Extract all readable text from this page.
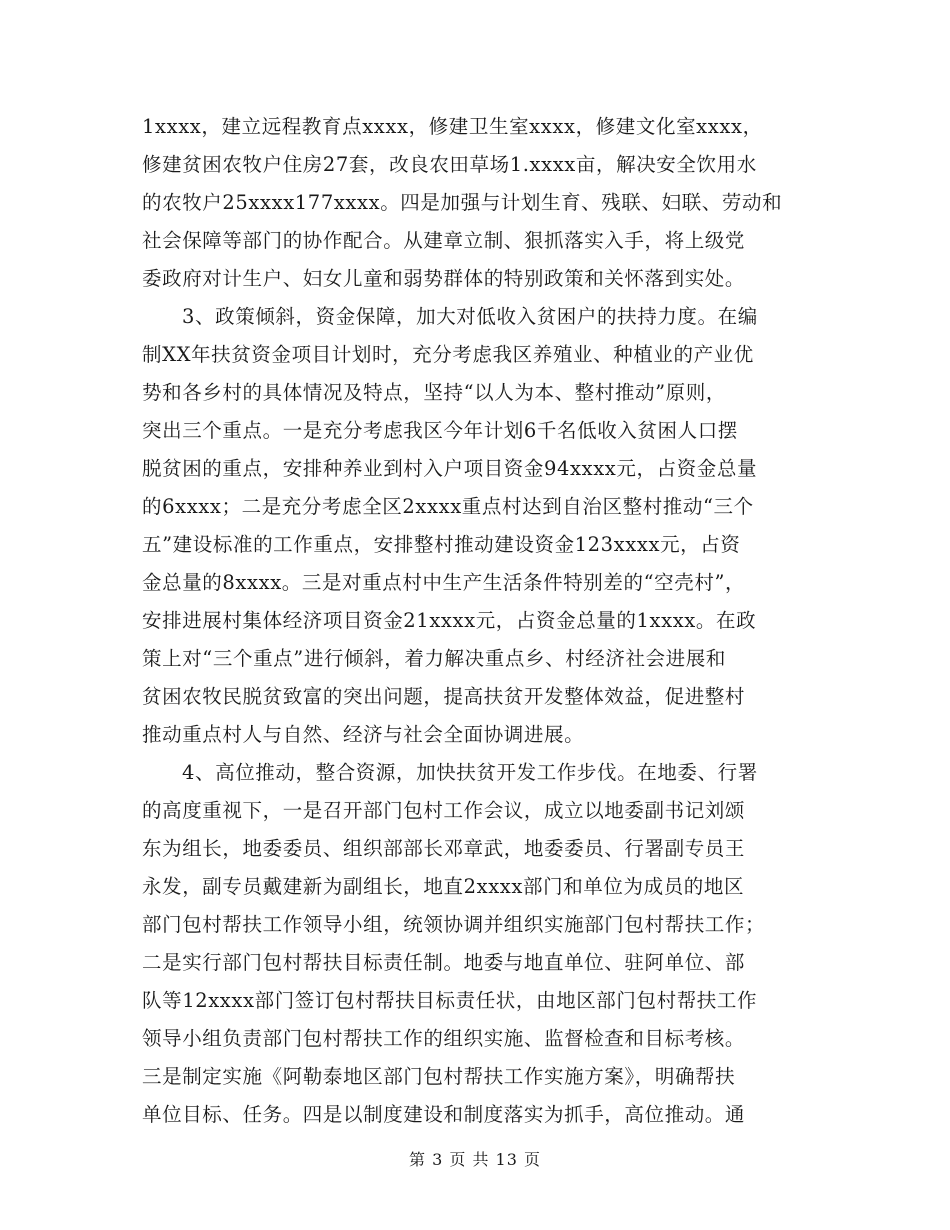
1xxxx，建立远程教育点xxxx，修建卫生室xxxx，修建文化室xxxx，
修建贫困农牧户住房27套，改良农田草场1.xxxx亩，解决安全饮用水
的农牧户25xxxx177xxxx。四是加强与计划生育、残联、妇联、劳动和
社会保障等部门的协作配合。从建章立制、狠抓落实入手，将上级党
委政府对计生户、妇女儿童和弱势群体的特别政策和关怀落到实处。
3、政策倾斜，资金保障，加大对低收入贫困户的扶持力度。在编
制XX年扶贫资金项目计划时，充分考虑我区养殖业、种植业的产业优
势和各乡村的具体情况及特点，坚持“以人为本、整村推动”原则，
突出三个重点。一是充分考虑我区今年计划6千名低收入贫困人口摆
脱贫困的重点，安排种养业到村入户项目资金94xxxx元，占资金总量
的6xxxx；二是充分考虑全区2xxxx重点村达到自治区整村推动“三个
五”建设标准的工作重点，安排整村推动建设资金123xxxx元，占资
金总量的8xxxx。三是对重点村中生产生活条件特别差的“空壳村”，
安排进展村集体经济项目资金21xxxx元，占资金总量的1xxxx。在政
策上对“三个重点”进行倾斜，着力解决重点乡、村经济社会进展和
贫困农牧民脱贫致富的突出问题，提高扶贫开发整体效益，促进整村
推动重点村人与自然、经济与社会全面协调进展。
4、高位推动，整合资源，加快扶贫开发工作步伐。在地委、行署
的高度重视下，一是召开部门包村工作会议，成立以地委副书记刘颂
东为组长，地委委员、组织部部长邓章武，地委委员、行署副专员王
永发，副专员戴建新为副组长，地直2xxxx部门和单位为成员的地区
部门包村帮扶工作领导小组，统领协调并组织实施部门包村帮扶工作；
二是实行部门包村帮扶目标责任制。地委与地直单位、驻阿单位、部
队等12xxxx部门签订包村帮扶目标责任状，由地区部门包村帮扶工作
领导小组负责部门包村帮扶工作的组织实施、监督检查和目标考核。
三是制定实施《阿勒泰地区部门包村帮扶工作实施方案》，明确帮扶
单位目标、任务。四是以制度建设和制度落实为抓手，高位推动。通
第 3 页 共 13 页
